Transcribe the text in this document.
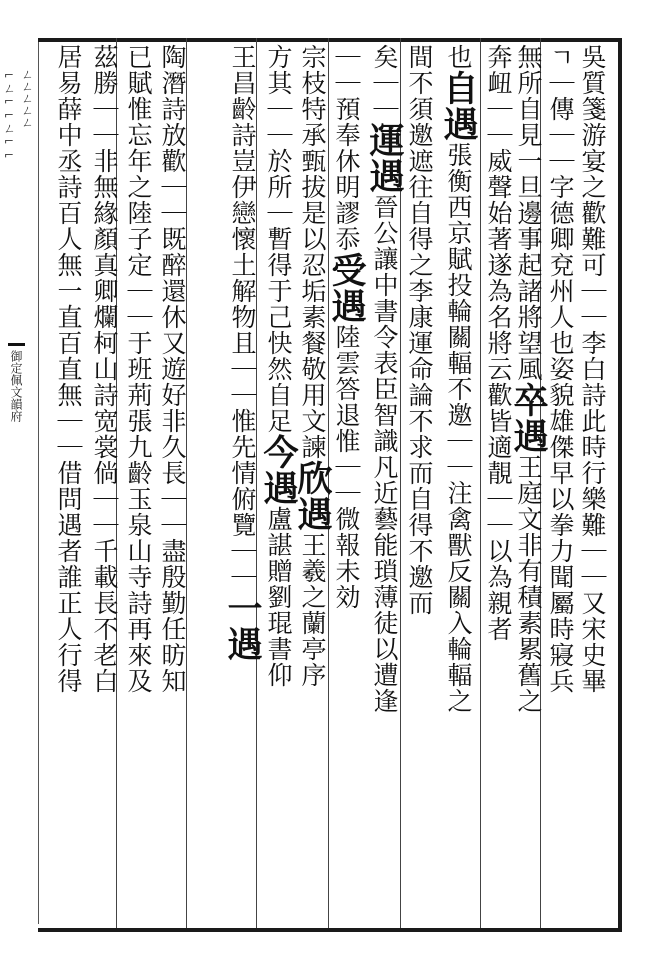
⌐ㄥ⌐⌐ㄥ⌐⌐ ㄥㄥㄥㄥㄥ
御定佩文韻府	吳質箋游宴之歡難可｜｜李白詩此時行樂難｜｜又宋史畢
ㄱ｜傳｜｜字德卿兗州人也姿貌雄傑早以拳力聞屬時寢兵
無所自見一旦邊事起諸將望風卒遇王庭文非有積素累舊之
奔衄｜｜威聲始著遂為名將云歡皆適靚｜｜以為親者
也自遇張衡西京賦投輪關輻不邀｜｜注禽獸反關入輪輻之
間不須邀遮往自得之李康運命論不求而自得不邀而
矣｜｜運遇晉公讓中書令表臣智識凡近藝能瑣薄徒以遭逢
｜｜預奉休明謬忝受遇陸雲答退惟｜｜微報未効
宗枝特承甄拔是以忍垢素餐敬用文諫欣遇王羲之蘭亭序
方其｜｜於所｜暫得于己快然自足今遇盧諶贈劉琨書仰
王昌齡詩豈伊戀懷土解物且｜｜惟先情俯覽｜｜一遇
陶潛詩放歡｜｜既醉還休又遊好非久長｜｜盡殷勤任昉知
已賦惟忘年之陸子定｜｜于班荊張九齡玉泉山寺詩再來及
茲勝｜｜非無緣顏真卿爛柯山詩宽裳倘｜｜千載長不老白
居易薛中丞詩百人無一直百直無｜｜借問遇者誰正人行得
